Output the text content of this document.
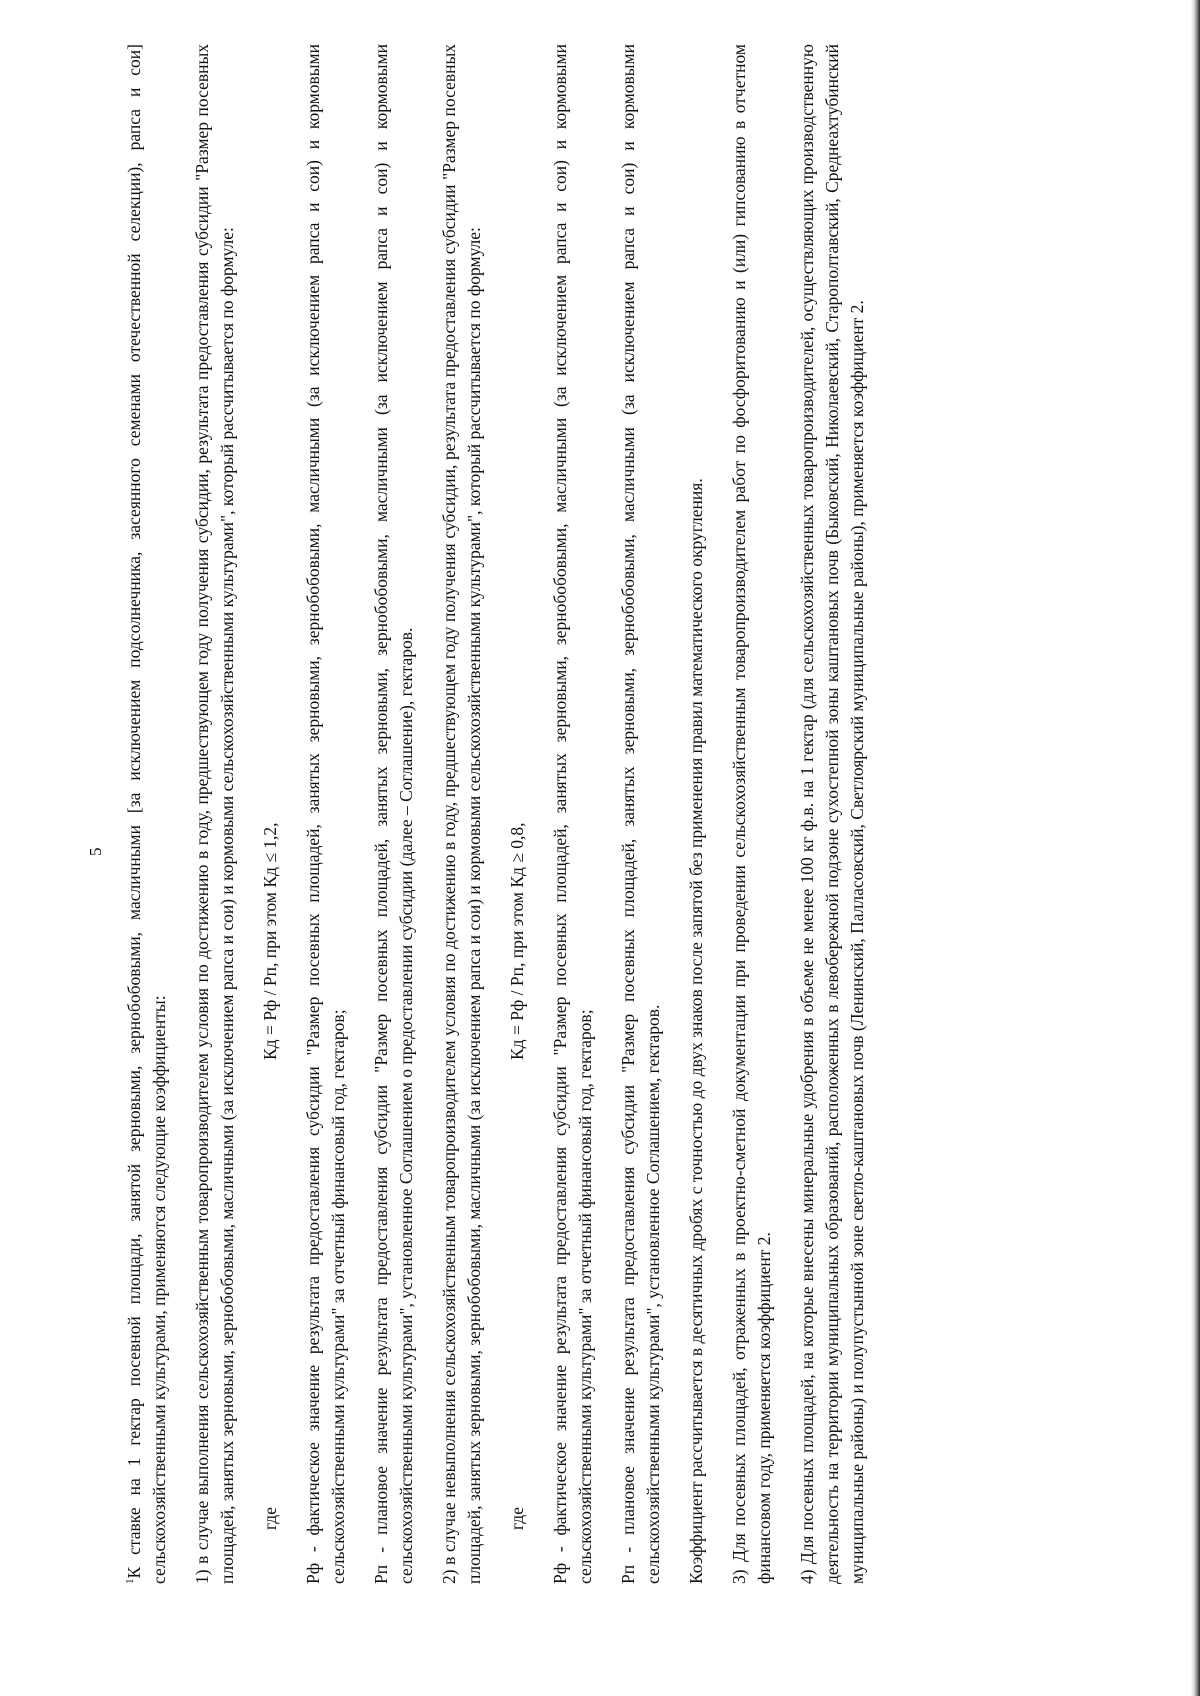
5

$^1$К ставке на 1 гектар посевной площади, занятой зерновыми, зернобобовыми, масличными [за исключением подсолнечника, засеянного семенами отечественной селекции), рапса и сои] сельскохозяйственными культурами, применяются следующие коэффициенты: 1) в случае выполнения сельскохозяйственным товаропроизводителем условия по достижению в году, предшествующем году получения субсидии, результата предоставления субсидии "Размер посевных площадей, занятых зерновыми, зернобобовыми, масличными (за исключением рапса и сои) и кормовыми сельскохозяйственными культурами", который рассчитывается по формуле: где
Кд = Рф / Рп, при этом Кд ≤ 1,2, Рф - фактическое значение результата предоставления субсидии "Размер посевных площадей, занятых зерновыми, зернобобовыми, масличными (за исключением рапса и сои) и кормовыми сельскохозяйственными культурами" за отчетный финансовый год, гектаров; Рп - плановое значение результата предоставления субсидии "Размер посевных площадей, занятых зерновыми, зернобобовыми, масличными (за исключением рапса и сои) и кормовыми сельскохозяйственными культурами", установленное Соглашением о предоставлении субсидии (далее – Соглашение), гектаров. 2) в случае невыполнения сельскохозяйственным товаропроизводителем условия по достижению в году, предшествующем году получения субсидии, результата предоставления субсидии "Размер посевных площадей, занятых зерновыми, зернобобовыми, масличными (за исключением рапса и сои) и кормовыми сельскохозяйственными культурами", который рассчитывается по формуле: где
Кд = Рф / Рп, при этом Кд ≥ 0,8, Рф - фактическое значение результата предоставления субсидии "Размер посевных площадей, занятых зерновыми, зернобобовыми, масличными (за исключением рапса и сои) и кормовыми сельскохозяйственными культурами" за отчетный финансовый год, гектаров; Рп - плановое значение результата предоставления субсидии "Размер посевных площадей, занятых зерновыми, зернобобовыми, масличными (за исключением рапса и сои) и кормовыми сельскохозяйственными культурами", установленное Соглашением, гектаров. Коэффициент рассчитывается в десятичных дробях с точностью до двух знаков после запятой без применения правил математического округления. 3) Для посевных площадей, отраженных в проектно-сметной документации при проведении сельскохозяйственным товаропроизводителем работ по фосфоритованию и (или) гипсованию в отчетном финансовом году, применяется коэффициент 2. 4) Для посевных площадей, на которые внесены минеральные удобрения в объеме не менее 100 кг ф.в. на 1 гектар (для сельскохозяйственных товаропроизводителей, осуществляющих производственную деятельность на территории муниципальных образований, расположенных в левобережной подзоне сухостепной зоны каштановых почв (Быковский, Николаевский, Старополтавский, Среднеахтубинский муниципальные районы) и полупустынной зоне светло-каштановых почв (Ленинский, Палласовский, Светлоярский муниципальные районы), применяется коэффициент 2.
